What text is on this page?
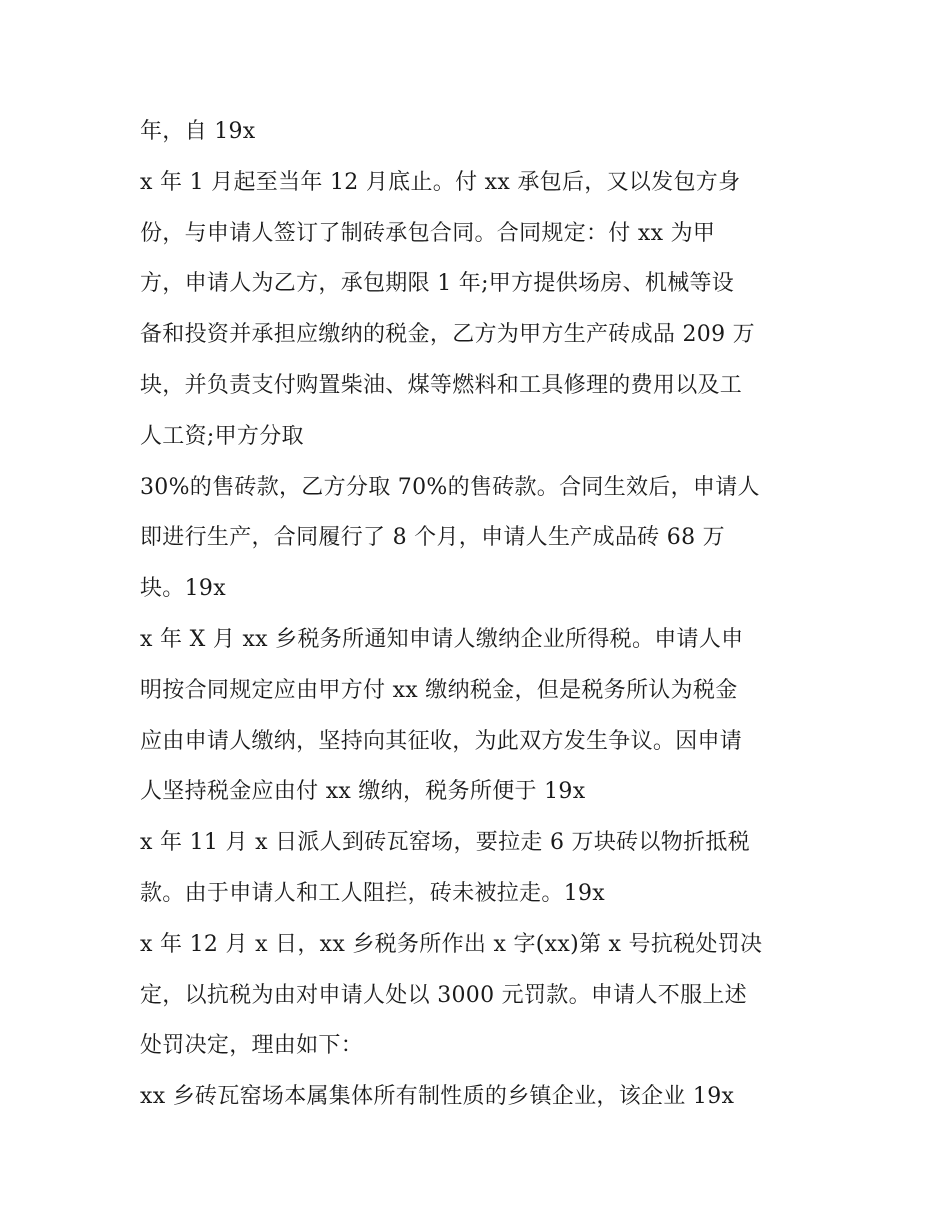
年，自 19x
x 年 1 月起至当年 12 月底止。付 xx 承包后，又以发包方身
份，与申请人签订了制砖承包合同。合同规定：付 xx 为甲
方，申请人为乙方，承包期限 1 年;甲方提供场房、机械等设
备和投资并承担应缴纳的税金，乙方为甲方生产砖成品 209 万
块，并负责支付购置柴油、煤等燃料和工具修理的费用以及工
人工资;甲方分取
30%的售砖款，乙方分取 70%的售砖款。合同生效后，申请人
即进行生产，合同履行了 8 个月，申请人生产成品砖 68 万
块。19x
x 年 X 月 xx 乡税务所通知申请人缴纳企业所得税。申请人申
明按合同规定应由甲方付 xx 缴纳税金，但是税务所认为税金
应由申请人缴纳，坚持向其征收，为此双方发生争议。因申请
人坚持税金应由付 xx 缴纳，税务所便于 19x
x 年 11 月 x 日派人到砖瓦窑场，要拉走 6 万块砖以物折抵税
款。由于申请人和工人阻拦，砖未被拉走。19x
x 年 12 月 x 日，xx 乡税务所作出 x 字(xx)第 x 号抗税处罚决
定，以抗税为由对申请人处以 3000 元罚款。申请人不服上述
处罚决定，理由如下：
xx 乡砖瓦窑场本属集体所有制性质的乡镇企业，该企业 19x
